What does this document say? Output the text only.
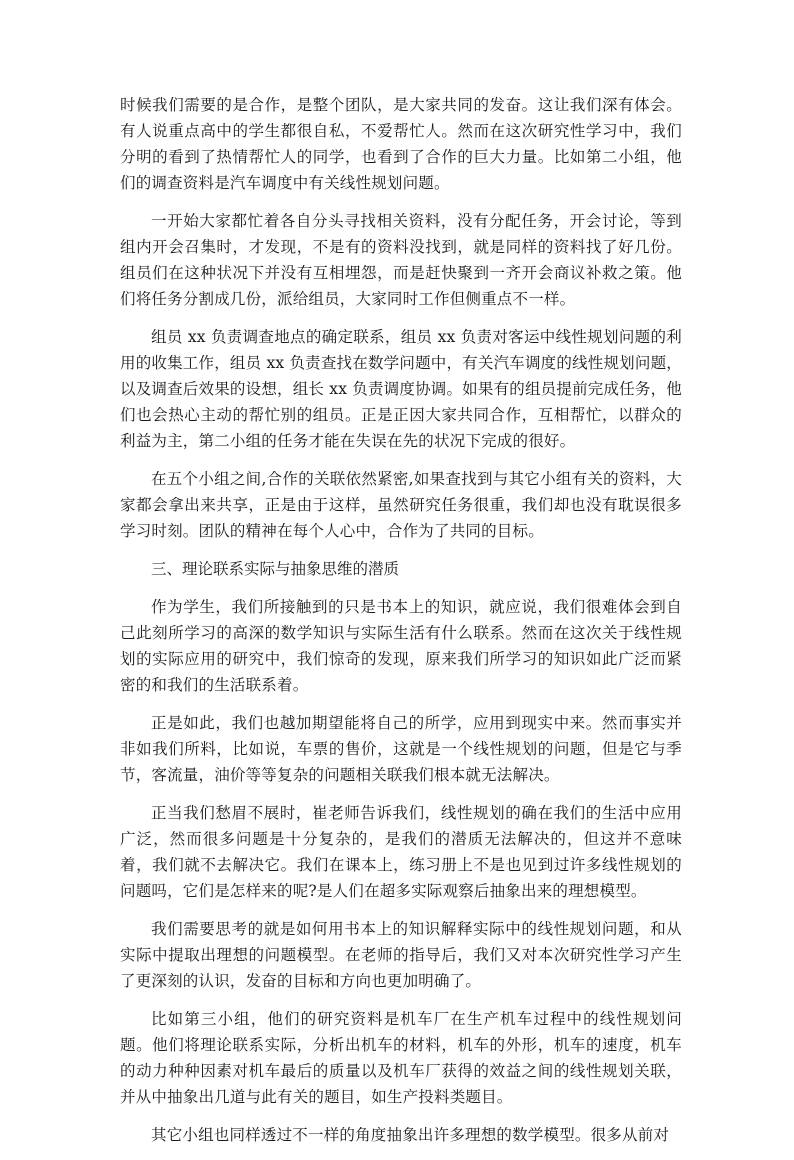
时候我们需要的是合作，是整个团队，是大家共同的发奋。这让我们深有体会。有人说重点高中的学生都很自私，不爱帮忙人。然而在这次研究性学习中，我们分明的看到了热情帮忙人的同学，也看到了合作的巨大力量。比如第二小组，他们的调查资料是汽车调度中有关线性规划问题。

一开始大家都忙着各自分头寻找相关资料，没有分配任务，开会讨论，等到组内开会召集时，才发现，不是有的资料没找到，就是同样的资料找了好几份。组员们在这种状况下并没有互相埋怨，而是赶快聚到一齐开会商议补救之策。他们将任务分割成几份，派给组员，大家同时工作但侧重点不一样。

组员 xx 负责调查地点的确定联系，组员 xx 负责对客运中线性规划问题的利用的收集工作，组员 xx 负责查找在数学问题中，有关汽车调度的线性规划问题，以及调查后效果的设想，组长 xx 负责调度协调。如果有的组员提前完成任务，他们也会热心主动的帮忙别的组员。正是正因大家共同合作，互相帮忙，以群众的利益为主，第二小组的任务才能在失误在先的状况下完成的很好。

在五个小组之间,合作的关联依然紧密,如果查找到与其它小组有关的资料，大家都会拿出来共享，正是由于这样，虽然研究任务很重，我们却也没有耽误很多学习时刻。团队的精神在每个人心中，合作为了共同的目标。

三、理论联系实际与抽象思维的潜质

作为学生，我们所接触到的只是书本上的知识，就应说，我们很难体会到自己此刻所学习的高深的数学知识与实际生活有什么联系。然而在这次关于线性规划的实际应用的研究中，我们惊奇的发现，原来我们所学习的知识如此广泛而紧密的和我们的生活联系着。

正是如此，我们也越加期望能将自己的所学，应用到现实中来。然而事实并非如我们所料，比如说，车票的售价，这就是一个线性规划的问题，但是它与季节，客流量，油价等等复杂的问题相关联我们根本就无法解决。

正当我们愁眉不展时，崔老师告诉我们，线性规划的确在我们的生活中应用广泛，然而很多问题是十分复杂的，是我们的潜质无法解决的，但这并不意味着，我们就不去解决它。我们在课本上，练习册上不是也见到过许多线性规划的问题吗，它们是怎样来的呢?是人们在超多实际观察后抽象出来的理想模型。

我们需要思考的就是如何用书本上的知识解释实际中的线性规划问题，和从实际中提取出理想的问题模型。在老师的指导后，我们又对本次研究性学习产生了更深刻的认识，发奋的目标和方向也更加明确了。

比如第三小组，他们的研究资料是机车厂在生产机车过程中的线性规划问题。他们将理论联系实际，分析出机车的材料，机车的外形，机车的速度，机车的动力种种因素对机车最后的质量以及机车厂获得的效益之间的线性规划关联，并从中抽象出几道与此有关的题目，如生产投料类题目。

其它小组也同样透过不一样的角度抽象出许多理想的数学模型。很多从前对
